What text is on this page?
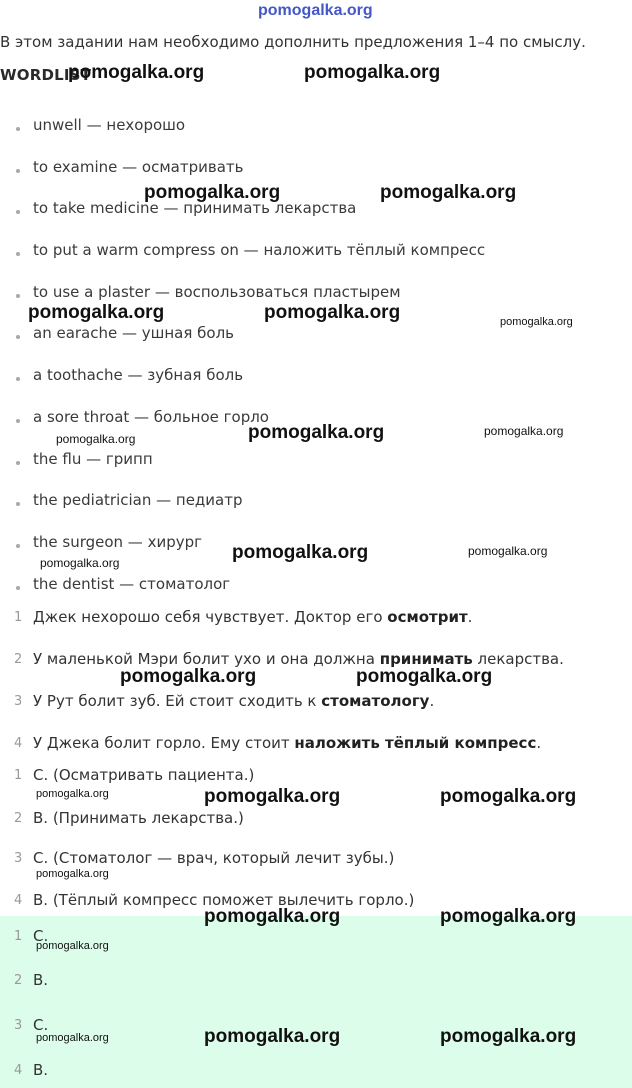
pomogalka.org
В этом задании нам необходимо дополнить предложения 1–4 по смыслу.
WORDLIST
unwell — нехорошо
to examine — осматривать
to take medicine — принимать лекарства
to put a warm compress on — наложить тёплый компресс
to use a plaster — воспользоваться пластырем
an earache — ушная боль
a toothache — зубная боль
a sore throat — больное горло
the flu — грипп
the pediatrician — педиатр
the surgeon — хирург
the dentist — стоматолог
1 Джек нехорошо себя чувствует. Доктор его осмотрит.
2 У маленькой Мэри болит ухо и она должна принимать лекарства.
3 У Рут болит зуб. Ей стоит сходить к стоматологу.
4 У Джека болит горло. Ему стоит наложить тёплый компресс.
1 C. (Осматривать пациента.)
2 B. (Принимать лекарства.)
3 C. (Стоматолог — врач, который лечит зубы.)
4 B. (Тёплый компресс поможет вылечить горло.)
1 C.
2 B.
3 C.
4 B.
pomogalka.org	pomogalka.org
pomogalka.org	pomogalka.org
pomogalka.org	pomogalka.org
pomogalka.org
pomogalka.org
pomogalka.org	pomogalka.org
pomogalka.org	pomogalka.org
pomogalka.org	pomogalka.org
pomogalka.org	pomogalka.org
pomogalka.org
pomogalka.org
pomogalka.org
pomogalka.org
pomogalka.org
pomogalka.org
pomogalka.org
pomogalka.org
pomogalka.org
